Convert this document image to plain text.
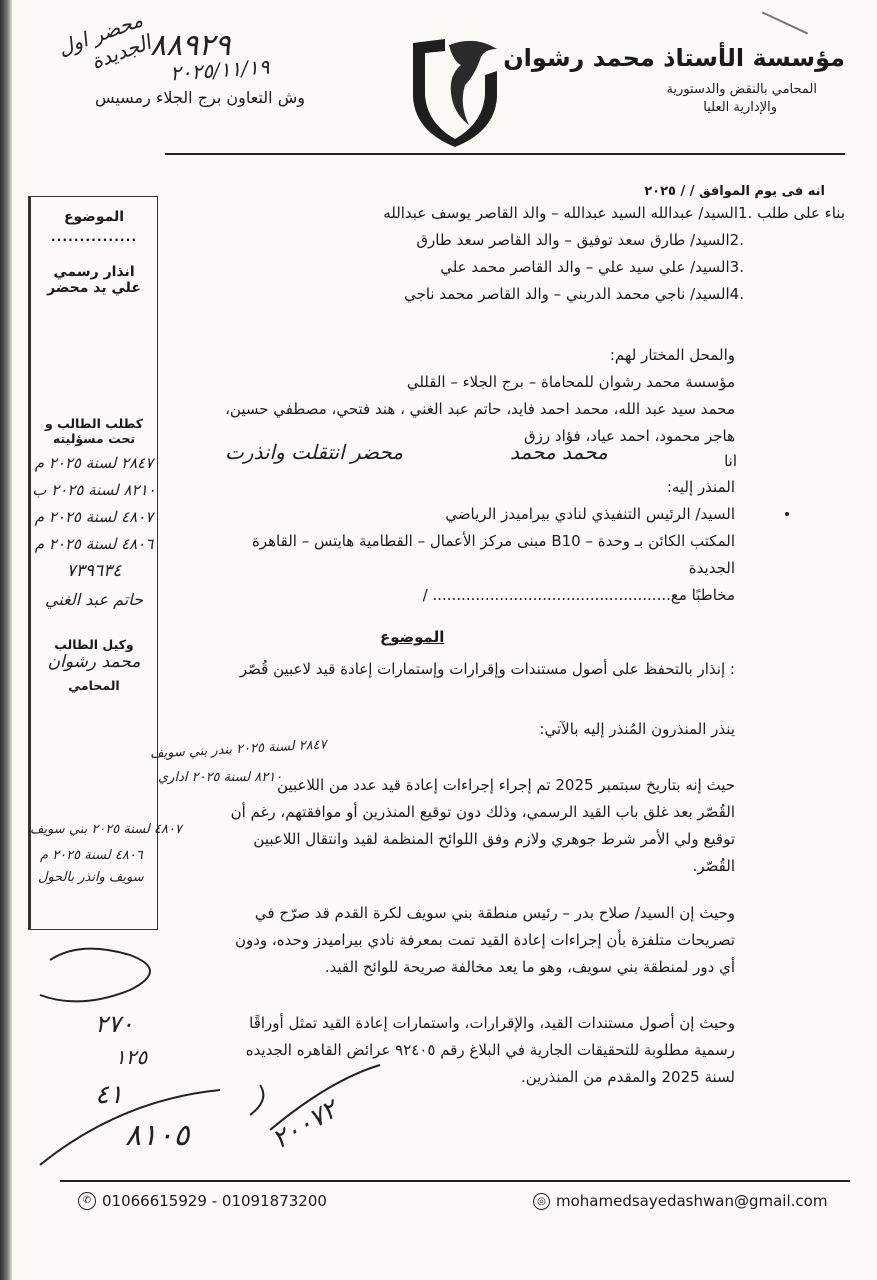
مؤسسة الأستاذ محمد رشوان
المحامي بالنقض والدستورية
والإدارية العليا
وش التعاون برج الجلاء رمسيس
٨٨٩٢٩
٢٠٢٥/١١/١٩
محضر اول الجديدة
الموضوع
...............
انذار رسمي
علي يد محضر
كطلب الطالب و
تحت مسؤليته
٢٨٤٧ لسنة ٢٠٢٥ م
٨٢١٠ لسنة ٢٠٢٥ ب
٤٨٠٧ لسنة ٢٠٢٥ م
٤٨٠٦ لسنة ٢٠٢٥ م
٧٣٩٦٣٤
حاتم عبد الغني
وكيل الطالب
محمد رشوان
المحامي
انه فى يوم الموافق / / ٢٠٢٥
بناء على طلب .1السيد/ عبدالله السيد عبدالله – والد القاصر يوسف عبدالله
.2السيد/ طارق سعد توفيق – والد القاصر سعد طارق
.3السيد/ علي سيد علي – والد القاصر محمد علي
.4السيد/ ناجي محمد الدربني – والد القاصر محمد ناجي
والمحل المختار لهم:
مؤسسة محمد رشوان للمحاماة – برج الجلاء – القللي
محمد سيد عبد الله، محمد احمد فايد، حاتم عبد الغني ، هند فتحي، مصطفي حسين،
هاجر محمود، احمد عياد، فؤاد رزق
انا
محمد محمد
محضر انتقلت وانذرت
المنذر إليه:
السيد/ الرئيس التنفيذي لنادي بيراميدز الرياضي
المكتب الكائن بـ وحدة – B10 مبنى مركز الأعمال – القطامية هايتس – القاهرة
الجديدة
مخاطبًا مع.................................................. /
الموضوع
: إنذار بالتحفظ على أصول مستندات وإقرارات وإستمارات إعادة قيد لاعبين قُصّر
ينذر المنذرون المُنذر إليه بالآتي:
حيث إنه بتاريخ سبتمبر 2025 تم إجراء إجراءات إعادة قيد عدد من اللاعبين
القُصّر بعد غلق باب القيد الرسمي، وذلك دون توقيع المنذرين أو موافقتهم، رغم أن
توقيع ولي الأمر شرط جوهري ولازم وفق اللوائح المنظمة لقيد وانتقال اللاعبين
القُصّر.
وحيث إن السيد/ صلاح بدر – رئيس منطقة بني سويف لكرة القدم قد صرّح في
تصريحات متلفزة بأن إجراءات إعادة القيد تمت بمعرفة نادي بيراميدز وحده، ودون
أي دور لمنطقة بني سويف، وهو ما يعد مخالفة صريحة للوائح القيد.
وحيث إن أصول مستندات القيد، والإقرارات، واستمارات إعادة القيد تمثل أوراقًا
رسمية مطلوبة للتحقيقات الجارية في البلاغ رقم ٩٢٤٠٥ عرائض القاهره الجديده
لسنة 2025 والمقدم من المنذرين.
٢٨٤٧ لسنة ٢٠٢٥ بندر بني سويف
٨٢١٠ لسنة ٢٠٢٥ اداري
٤٨٠٧ لسنة ٢٠٢٥ بني سويف
٤٨٠٦ لسنة ٢٠٢٥ م
سويف وانذر بالحول
٢٧٠
١٢٥
٤١
٨١٠٥	٢٠٠٧٢
✆ 01066615929 - 01091873200	◎ mohamedsayedashwan@gmail.com
